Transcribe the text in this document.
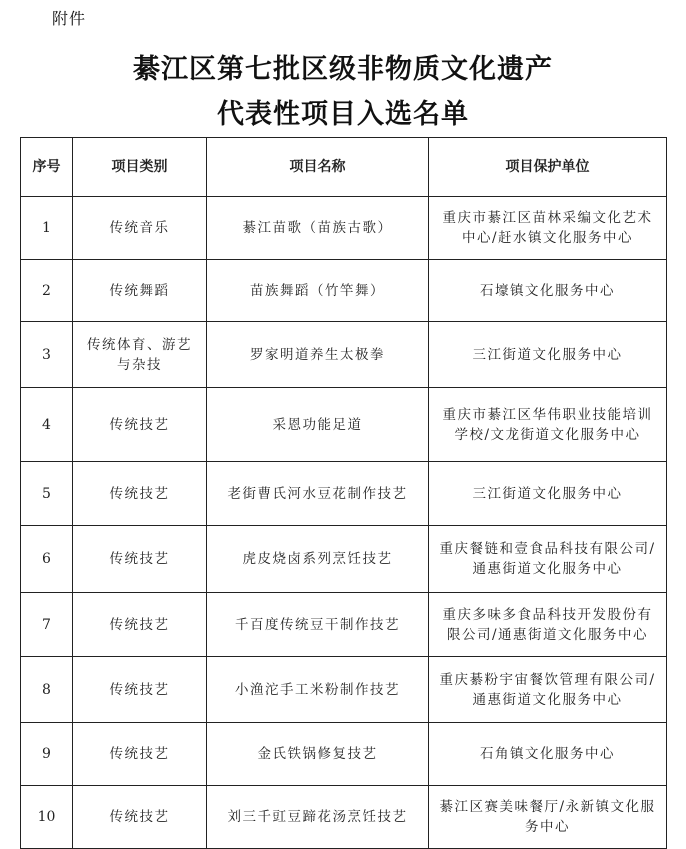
附件
綦江区第七批区级非物质文化遗产
代表性项目入选名单
序号	项目类别	项目名称	项目保护单位
1	传统音乐	綦江苗歌（苗族古歌）	重庆市綦江区苗林采编文化艺术
中心/赶水镇文化服务中心

2	传统舞蹈	苗族舞蹈（竹竿舞）	石壕镇文化服务中心

3	传统体育、游艺
与杂技	罗家明道养生太极拳	三江街道文化服务中心

4	传统技艺	采恩功能足道	重庆市綦江区华伟职业技能培训
学校/文龙街道文化服务中心

5	传统技艺	老街曹氏河水豆花制作技艺	三江街道文化服务中心

6	传统技艺	虎皮烧卤系列烹饪技艺	重庆餐链和壹食品科技有限公司/
通惠街道文化服务中心

7	传统技艺	千百度传统豆干制作技艺	重庆多味多食品科技开发股份有
限公司/通惠街道文化服务中心

8	传统技艺	小渔沱手工米粉制作技艺	重庆綦粉宇宙餐饮管理有限公司/
通惠街道文化服务中心

9	传统技艺	金氏铁锅修复技艺	石角镇文化服务中心

10	传统技艺	刘三千豇豆蹄花汤烹饪技艺	綦江区赛美味餐厅/永新镇文化服
务中心
